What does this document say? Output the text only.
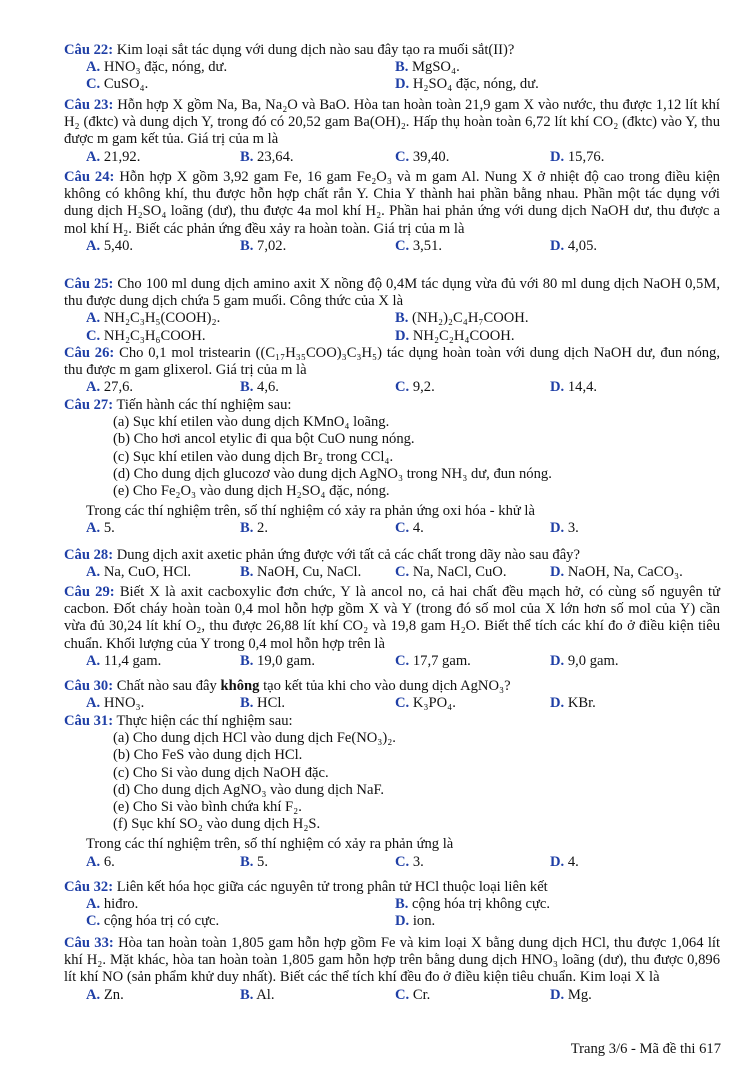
Câu 22: Kim loại sắt tác dụng với dung dịch nào sau đây tạo ra muối sắt(II)?
A. HNO₃ đặc, nóng, dư.	B. MgSO₄.
C. CuSO₄.	D. H₂SO₄ đặc, nóng, dư.
Câu 23: Hỗn hợp X gồm Na, Ba, Na₂O và BaO. Hòa tan hoàn toàn 21,9 gam X vào nước, thu được 1,12 lít khí H₂ (đktc) và dung dịch Y, trong đó có 20,52 gam Ba(OH)₂. Hấp thụ hoàn toàn 6,72 lít khí CO₂ (đktc) vào Y, thu được m gam kết tủa. Giá trị của m là
A. 21,92.	B. 23,64.	C. 39,40.	D. 15,76.
Câu 24: Hỗn hợp X gồm 3,92 gam Fe, 16 gam Fe₂O₃ và m gam Al. Nung X ở nhiệt độ cao trong điều kiện không có không khí, thu được hỗn hợp chất rắn Y. Chia Y thành hai phần bằng nhau. Phần một tác dụng với dung dịch H₂SO₄ loãng (dư), thu được 4a mol khí H₂. Phần hai phản ứng với dung dịch NaOH dư, thu được a mol khí H₂. Biết các phản ứng đều xảy ra hoàn toàn. Giá trị của m là
A. 5,40.	B. 7,02.	C. 3,51.	D. 4,05.
Câu 25: Cho 100 ml dung dịch amino axit X nồng độ 0,4M tác dụng vừa đủ với 80 ml dung dịch NaOH 0,5M, thu được dung dịch chứa 5 gam muối. Công thức của X là
A. NH₂C₃H₅(COOH)₂.	B. (NH₂)₂C₄H₇COOH.
C. NH₂C₃H₆COOH.	D. NH₂C₂H₄COOH.
Câu 26: Cho 0,1 mol tristearin ((C₁₇H₃₅COO)₃C₃H₅) tác dụng hoàn toàn với dung dịch NaOH dư, đun nóng, thu được m gam glixerol. Giá trị của m là
A. 27,6.	B. 4,6.	C. 9,2.	D. 14,4.
Câu 27: Tiến hành các thí nghiệm sau:
(a) Sục khí etilen vào dung dịch KMnO₄ loãng.
(b) Cho hơi ancol etylic đi qua bột CuO nung nóng.
(c) Sục khí etilen vào dung dịch Br₂ trong CCl₄.
(d) Cho dung dịch glucozơ vào dung dịch AgNO₃ trong NH₃ dư, đun nóng.
(e) Cho Fe₂O₃ vào dung dịch H₂SO₄ đặc, nóng.
Trong các thí nghiệm trên, số thí nghiệm có xảy ra phản ứng oxi hóa - khử là
A. 5.	B. 2.	C. 4.	D. 3.
Câu 28: Dung dịch axit axetic phản ứng được với tất cả các chất trong dãy nào sau đây?
A. Na, CuO, HCl.	B. NaOH, Cu, NaCl. C. Na, NaCl, CuO.	D. NaOH, Na, CaCO₃.
Câu 29: Biết X là axit cacboxylic đơn chức, Y là ancol no, cả hai chất đều mạch hở, có cùng số nguyên tử cacbon. Đốt cháy hoàn toàn 0,4 mol hỗn hợp gồm X và Y (trong đó số mol của X lớn hơn số mol của Y) cần vừa đủ 30,24 lít khí O₂, thu được 26,88 lít khí CO₂ và 19,8 gam H₂O. Biết thể tích các khí đo ở điều kiện tiêu chuẩn. Khối lượng của Y trong 0,4 mol hỗn hợp trên là
A. 11,4 gam.	B. 19,0 gam.	C. 17,7 gam.	D. 9,0 gam.
Câu 30: Chất nào sau đây không tạo kết tủa khi cho vào dung dịch AgNO₃?
A. HNO₃.	B. HCl.	C. K₃PO₄.	D. KBr.
Câu 31: Thực hiện các thí nghiệm sau:
(a) Cho dung dịch HCl vào dung dịch Fe(NO₃)₂.
(b) Cho FeS vào dung dịch HCl.
(c) Cho Si vào dung dịch NaOH đặc.
(d) Cho dung dịch AgNO₃ vào dung dịch NaF.
(e) Cho Si vào bình chứa khí F₂.
(f) Sục khí SO₂ vào dung dịch H₂S.
Trong các thí nghiệm trên, số thí nghiệm có xảy ra phản ứng là
A. 6.	B. 5.	C. 3.	D. 4.
Câu 32: Liên kết hóa học giữa các nguyên tử trong phân tử HCl thuộc loại liên kết
A. hiđro.	B. cộng hóa trị không cực.
C. cộng hóa trị có cực.	D. ion.
Câu 33: Hòa tan hoàn toàn 1,805 gam hỗn hợp gồm Fe và kim loại X bằng dung dịch HCl, thu được 1,064 lít khí H₂. Mặt khác, hòa tan hoàn toàn 1,805 gam hỗn hợp trên bằng dung dịch HNO₃ loãng (dư), thu được 0,896 lít khí NO (sản phẩm khử duy nhất). Biết các thể tích khí đều đo ở điều kiện tiêu chuẩn. Kim loại X là
A. Zn.	B. Al.	C. Cr.	D. Mg.
Trang 3/6 - Mã đề thi 617
